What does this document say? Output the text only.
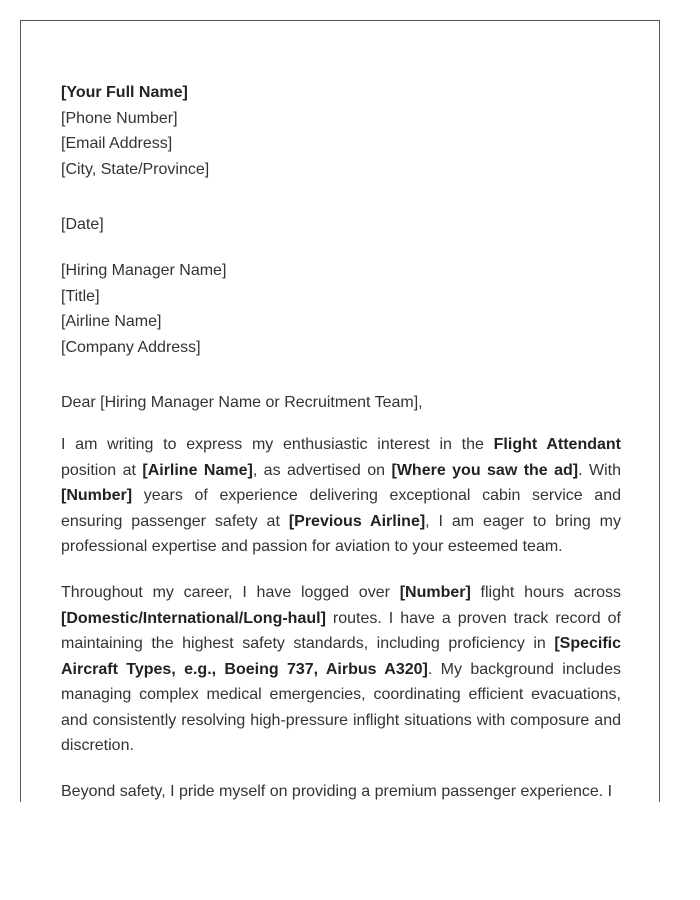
[Your Full Name]
[Phone Number]
[Email Address]
[City, State/Province]
[Date]
[Hiring Manager Name]
[Title]
[Airline Name]
[Company Address]

Dear [Hiring Manager Name or Recruitment Team],

I am writing to express my enthusiastic interest in the Flight Attendant position at [Airline Name], as advertised on [Where you saw the ad]. With [Number] years of experience delivering exceptional cabin service and ensuring passenger safety at [Previous Airline], I am eager to bring my professional expertise and passion for aviation to your esteemed team.

Throughout my career, I have logged over [Number] flight hours across [Domestic/International/Long-haul] routes. I have a proven track record of maintaining the highest safety standards, including proficiency in [Specific Aircraft Types, e.g., Boeing 737, Airbus A320]. My background includes managing complex medical emergencies, coordinating efficient evacuations, and consistently resolving high-pressure inflight situations with composure and discretion.

Beyond safety, I pride myself on providing a premium passenger experience. I
